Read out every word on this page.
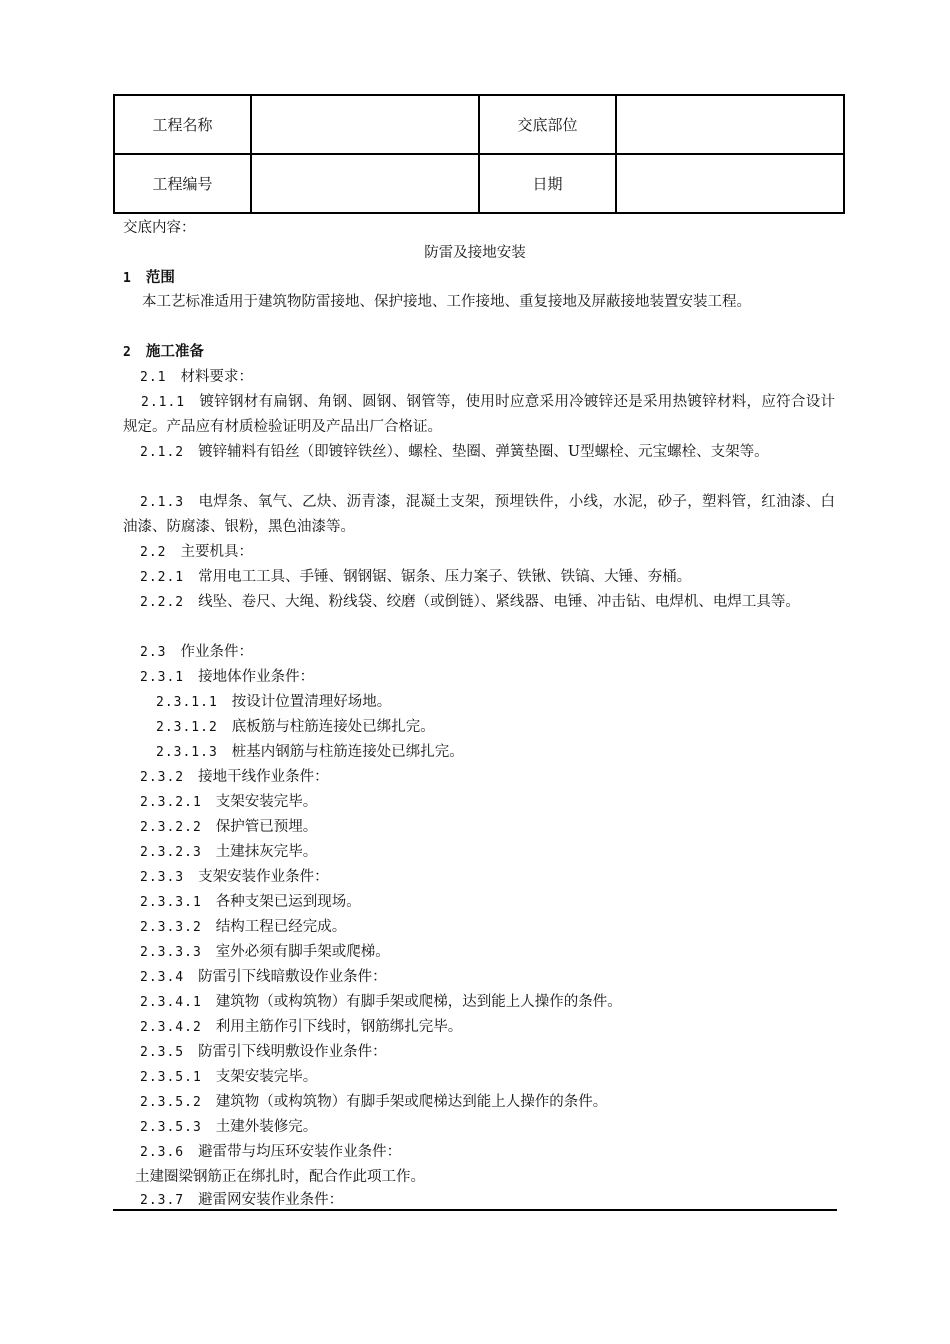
工程名称		交底部位	
工程编号		日期	
交底内容：
防雷及接地安装
1 范围
本工艺标准适用于建筑物防雷接地、保护接地、工作接地、重复接地及屏蔽接地装置安装工程。
2 施工准备
2.1 材料要求：
2.1.1 镀锌钢材有扁钢、角钢、圆钢、钢管等，使用时应意采用冷镀锌还是采用热镀锌材料，应符合设计规定。产品应有材质检验证明及产品出厂合格证。
2.1.2 镀锌辅料有铅丝（即镀锌铁丝）、螺栓、垫圈、弹簧垫圈、U型螺栓、元宝螺栓、支架等。
2.1.3 电焊条、氧气、乙炔、沥青漆，混凝土支架，预埋铁件，小线，水泥，砂子，塑料管，红油漆、白油漆、防腐漆、银粉，黑色油漆等。
2.2 主要机具：
2.2.1 常用电工工具、手锤、钢钢锯、锯条、压力案子、铁锹、铁镐、大锤、夯桶。
2.2.2 线坠、卷尺、大绳、粉线袋、绞磨（或倒链）、紧线器、电锤、冲击钻、电焊机、电焊工具等。
2.3 作业条件：
2.3.1 接地体作业条件：
2.3.1.1 按设计位置清理好场地。
2.3.1.2 底板筋与柱筋连接处已绑扎完。
2.3.1.3 桩基内钢筋与柱筋连接处已绑扎完。
2.3.2 接地干线作业条件：
2.3.2.1 支架安装完毕。
2.3.2.2 保护管已预埋。
2.3.2.3 土建抹灰完毕。
2.3.3 支架安装作业条件：
2.3.3.1 各种支架已运到现场。
2.3.3.2 结构工程已经完成。
2.3.3.3 室外必须有脚手架或爬梯。
2.3.4 防雷引下线暗敷设作业条件：
2.3.4.1 建筑物（或构筑物）有脚手架或爬梯，达到能上人操作的条件。
2.3.4.2 利用主筋作引下线时，钢筋绑扎完毕。
2.3.5 防雷引下线明敷设作业条件：
2.3.5.1 支架安装完毕。
2.3.5.2 建筑物（或构筑物）有脚手架或爬梯达到能上人操作的条件。
2.3.5.3 土建外装修完。
2.3.6 避雷带与均压环安装作业条件：
土建圈梁钢筋正在绑扎时，配合作此项工作。
2.3.7 避雷网安装作业条件：
